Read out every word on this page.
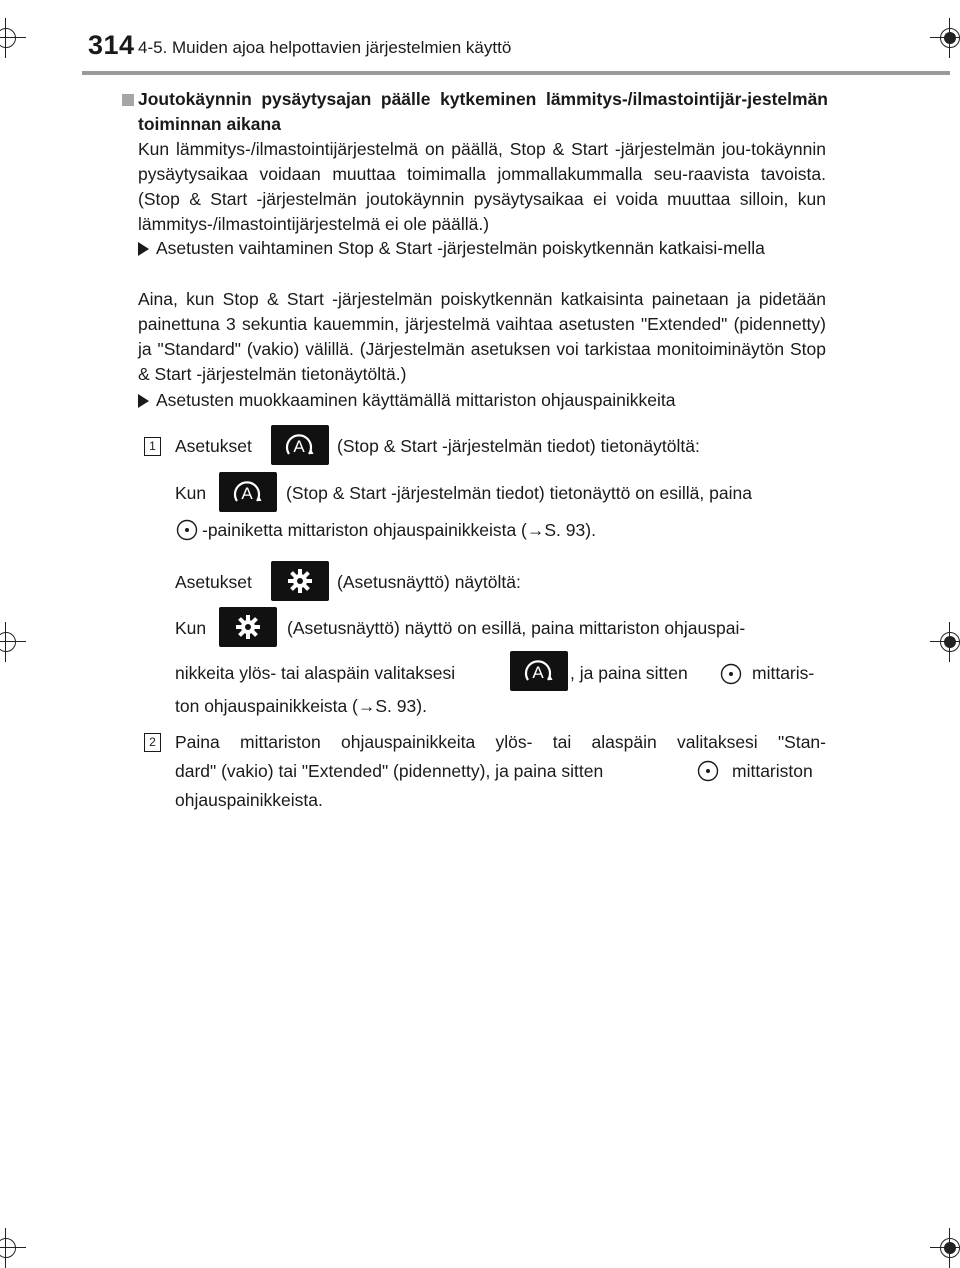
314 4-5. Muiden ajoa helpottavien järjestelmien käyttö
Joutokäynnin pysäytysajan päälle kytkeminen lämmitys-/ilmastointijär-jestelmän toiminnan aikana
Kun lämmitys-/ilmastointijärjestelmä on päällä, Stop & Start -järjestelmän jou-tokäynnin pysäytysaikaa voidaan muuttaa toimimalla jommallakummalla seu-raavista tavoista. (Stop & Start -järjestelmän joutokäynnin pysäytysaikaa ei voida muuttaa silloin, kun lämmitys-/ilmastointijärjestelmä ei ole päällä.)
Asetusten vaihtaminen Stop & Start -järjestelmän poiskytkennän katkaisi-mella
Aina, kun Stop & Start -järjestelmän poiskytkennän katkaisinta painetaan ja pidetään painettuna 3 sekuntia kauemmin, järjestelmä vaihtaa asetusten "Extended" (pidennetty) ja "Standard" (vakio) välillä. (Järjestelmän asetuksen voi tarkistaa monitoiminäytön Stop & Start -järjestelmän tietonäytöltä.)
Asetusten muokkaaminen käyttämällä mittariston ohjauspainikkeita
1 Asetukset A (Stop & Start -järjestelmän tiedot) tietonäytöltä:
Kun A (Stop & Start -järjestelmän tiedot) tietonäyttö on esillä, paina
-painiketta mittariston ohjauspainikkeista (→S. 93).
Asetukset	(Asetusnäyttö) näytöltä:
Kun	(Asetusnäyttö) näyttö on esillä, paina mittariston ohjauspai-
nikkeita ylös- tai alaspäin valitaksesi	A , ja paina sitten	mittaris-
ton ohjauspainikkeista (→S. 93).
2 Paina mittariston ohjauspainikkeita ylös- tai alaspäin valitaksesi "Stan-
dard" (vakio) tai "Extended" (pidennetty), ja paina sitten	mittariston
ohjauspainikkeista.
